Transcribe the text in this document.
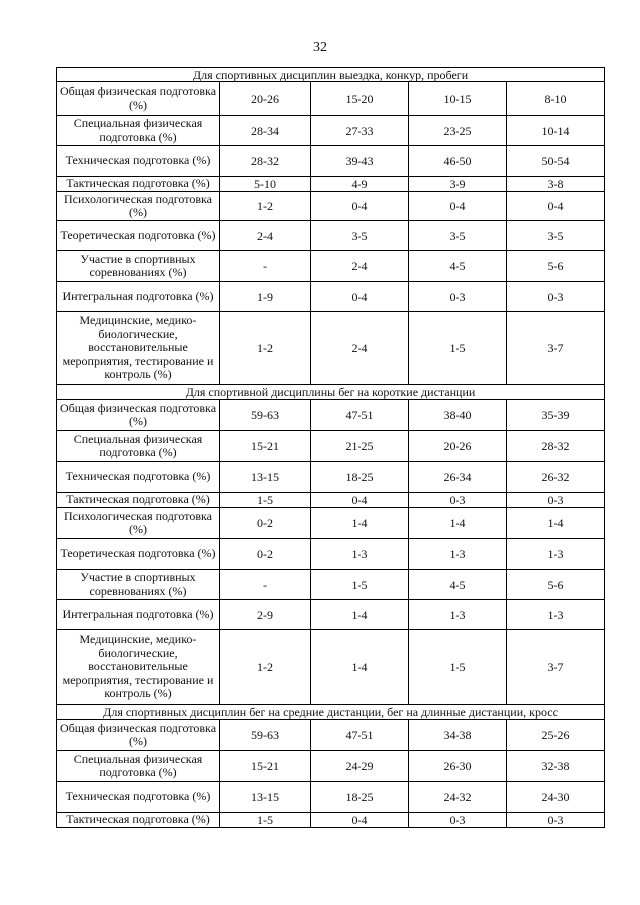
32
Для спортивных дисциплин выездка, конкур, пробеги				
Общая физическая подготовка (%)	20-26	15-20	10-15	8-10
Специальная физическая подготовка (%)	28-34	27-33	23-25	10-14
Техническая подготовка (%)	28-32	39-43	46-50	50-54
Тактическая подготовка (%)	5-10	4-9	3-9	3-8
Психологическая подготовка (%)	1-2	0-4	0-4	0-4
Теоретическая подготовка (%)	2-4	3-5	3-5	3-5
Участие в спортивных соревнованиях (%)	-	2-4	4-5	5-6
Интегральная подготовка (%)	1-9	0-4	0-3	0-3
Медицинские, медико-биологические, восстановительные мероприятия, тестирование и контроль (%)	1-2	2-4	1-5	3-7
Для спортивной дисциплины бег на короткие дистанции				
Общая физическая подготовка (%)	59-63	47-51	38-40	35-39
Специальная физическая подготовка (%)	15-21	21-25	20-26	28-32
Техническая подготовка (%)	13-15	18-25	26-34	26-32
Тактическая подготовка (%)	1-5	0-4	0-3	0-3
Психологическая подготовка (%)	0-2	1-4	1-4	1-4
Теоретическая подготовка (%)	0-2	1-3	1-3	1-3
Участие в спортивных соревнованиях (%)	-	1-5	4-5	5-6
Интегральная подготовка (%)	2-9	1-4	1-3	1-3
Медицинские, медико-биологические, восстановительные мероприятия, тестирование и контроль (%)	1-2	1-4	1-5	3-7
Для спортивных дисциплин бег на средние дистанции, бег на длинные дистанции, кросс				
Общая физическая подготовка (%)	59-63	47-51	34-38	25-26
Специальная физическая подготовка (%)	15-21	24-29	26-30	32-38
Техническая подготовка (%)	13-15	18-25	24-32	24-30
Тактическая подготовка (%)	1-5	0-4	0-3	0-3
